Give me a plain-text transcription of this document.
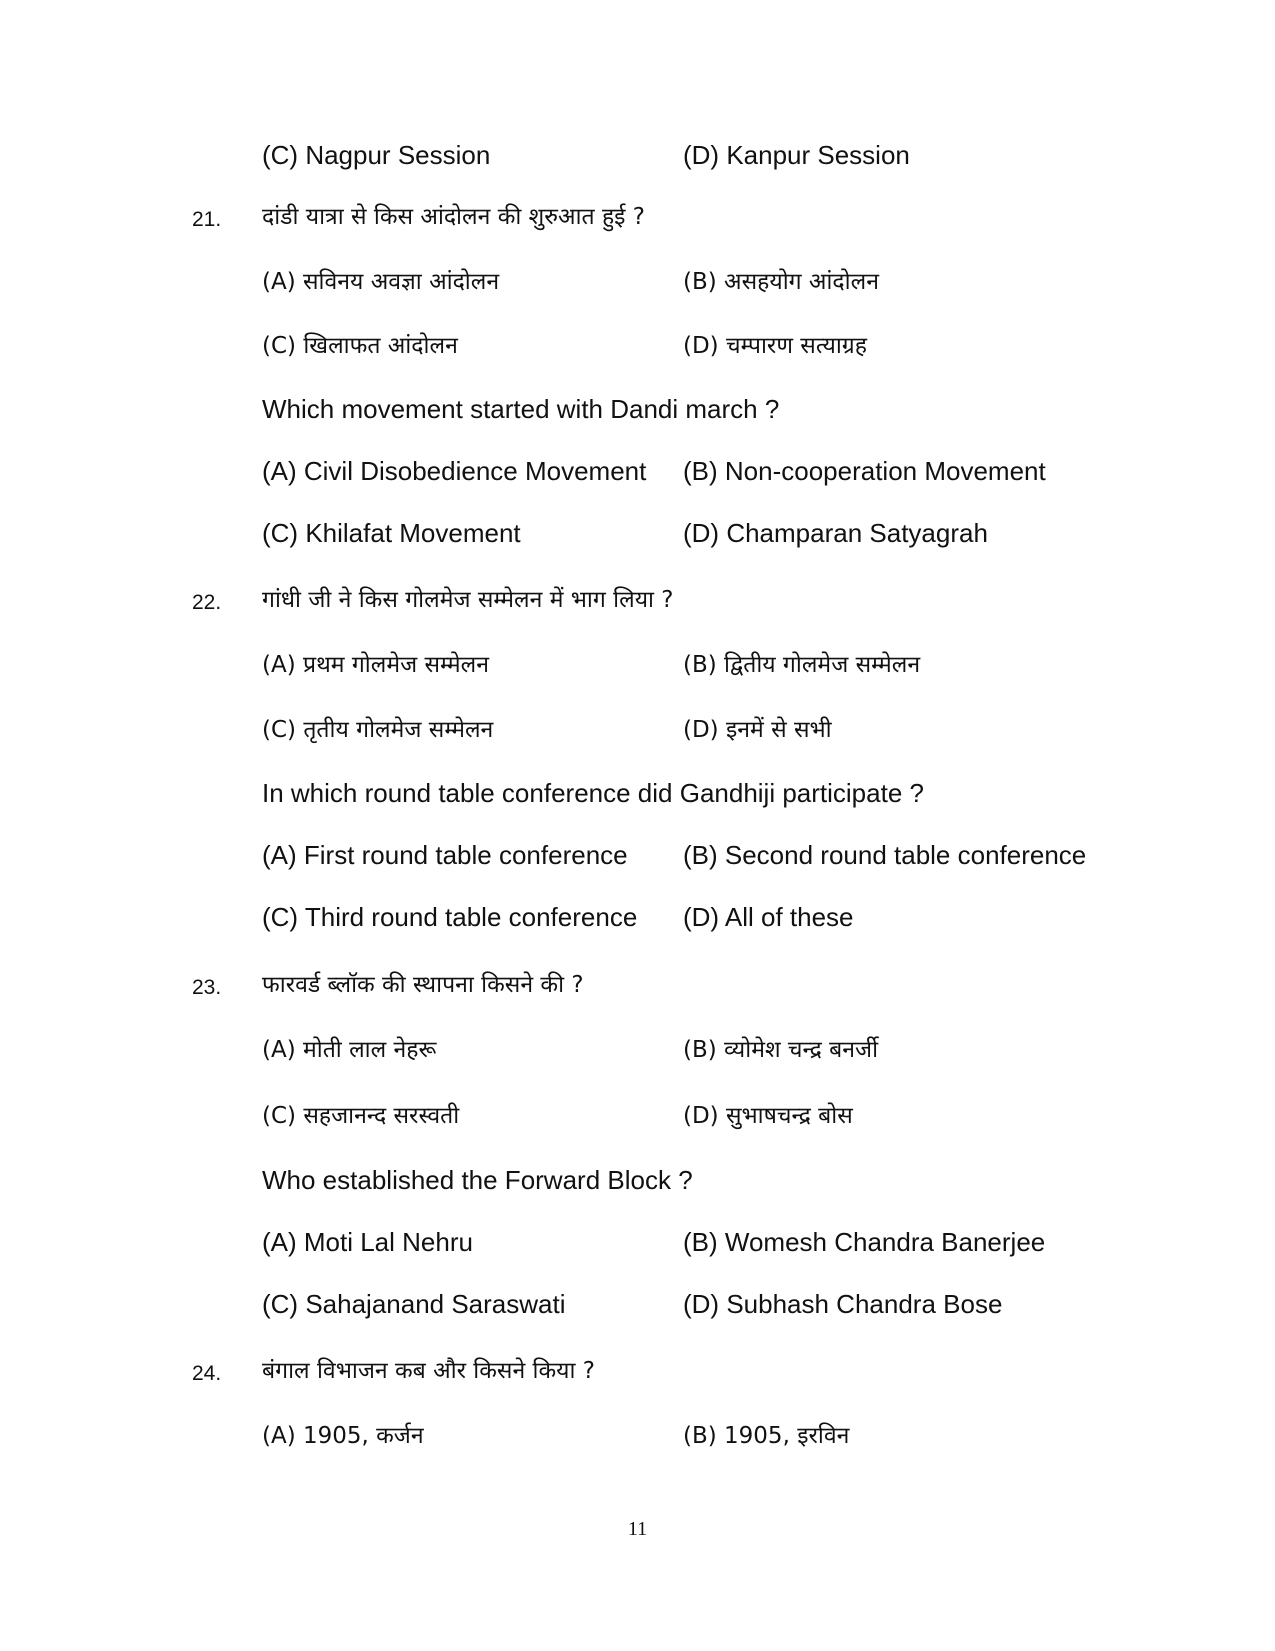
(C) Nagpur Session	(D) Kanpur Session
21. दांडी यात्रा से किस आंदोलन की शुरुआत हुई ?
(A) सविनय अवज्ञा आंदोलन	(B) असहयोग आंदोलन
(C) खिलाफत आंदोलन	(D) चम्पारण सत्याग्रह
Which movement started with Dandi march ?
(A) Civil Disobedience Movement (B) Non-cooperation Movement
(C) Khilafat Movement	(D) Champaran Satyagrah
22. गांधी जी ने किस गोलमेज सम्मेलन में भाग लिया ?
(A) प्रथम गोलमेज सम्मेलन	(B) द्वितीय गोलमेज सम्मेलन
(C) तृतीय गोलमेज सम्मेलन	(D) इनमें से सभी
In which round table conference did Gandhiji participate ?
(A) First round table conference (B) Second round table conference
(C) Third round table conference (D) All of these
23. फारवर्ड ब्लॉक की स्थापना किसने की ?
(A) मोती लाल नेहरू	(B) व्योमेश चन्द्र बनर्जी
(C) सहजानन्द सरस्वती	(D) सुभाषचन्द्र बोस
Who established the Forward Block ?
(A) Moti Lal Nehru	(B) Womesh Chandra Banerjee
(C) Sahajanand Saraswati	(D) Subhash Chandra Bose
24. बंगाल विभाजन कब और किसने किया ?
(A) 1905, कर्जन	(B) 1905, इरविन
11
